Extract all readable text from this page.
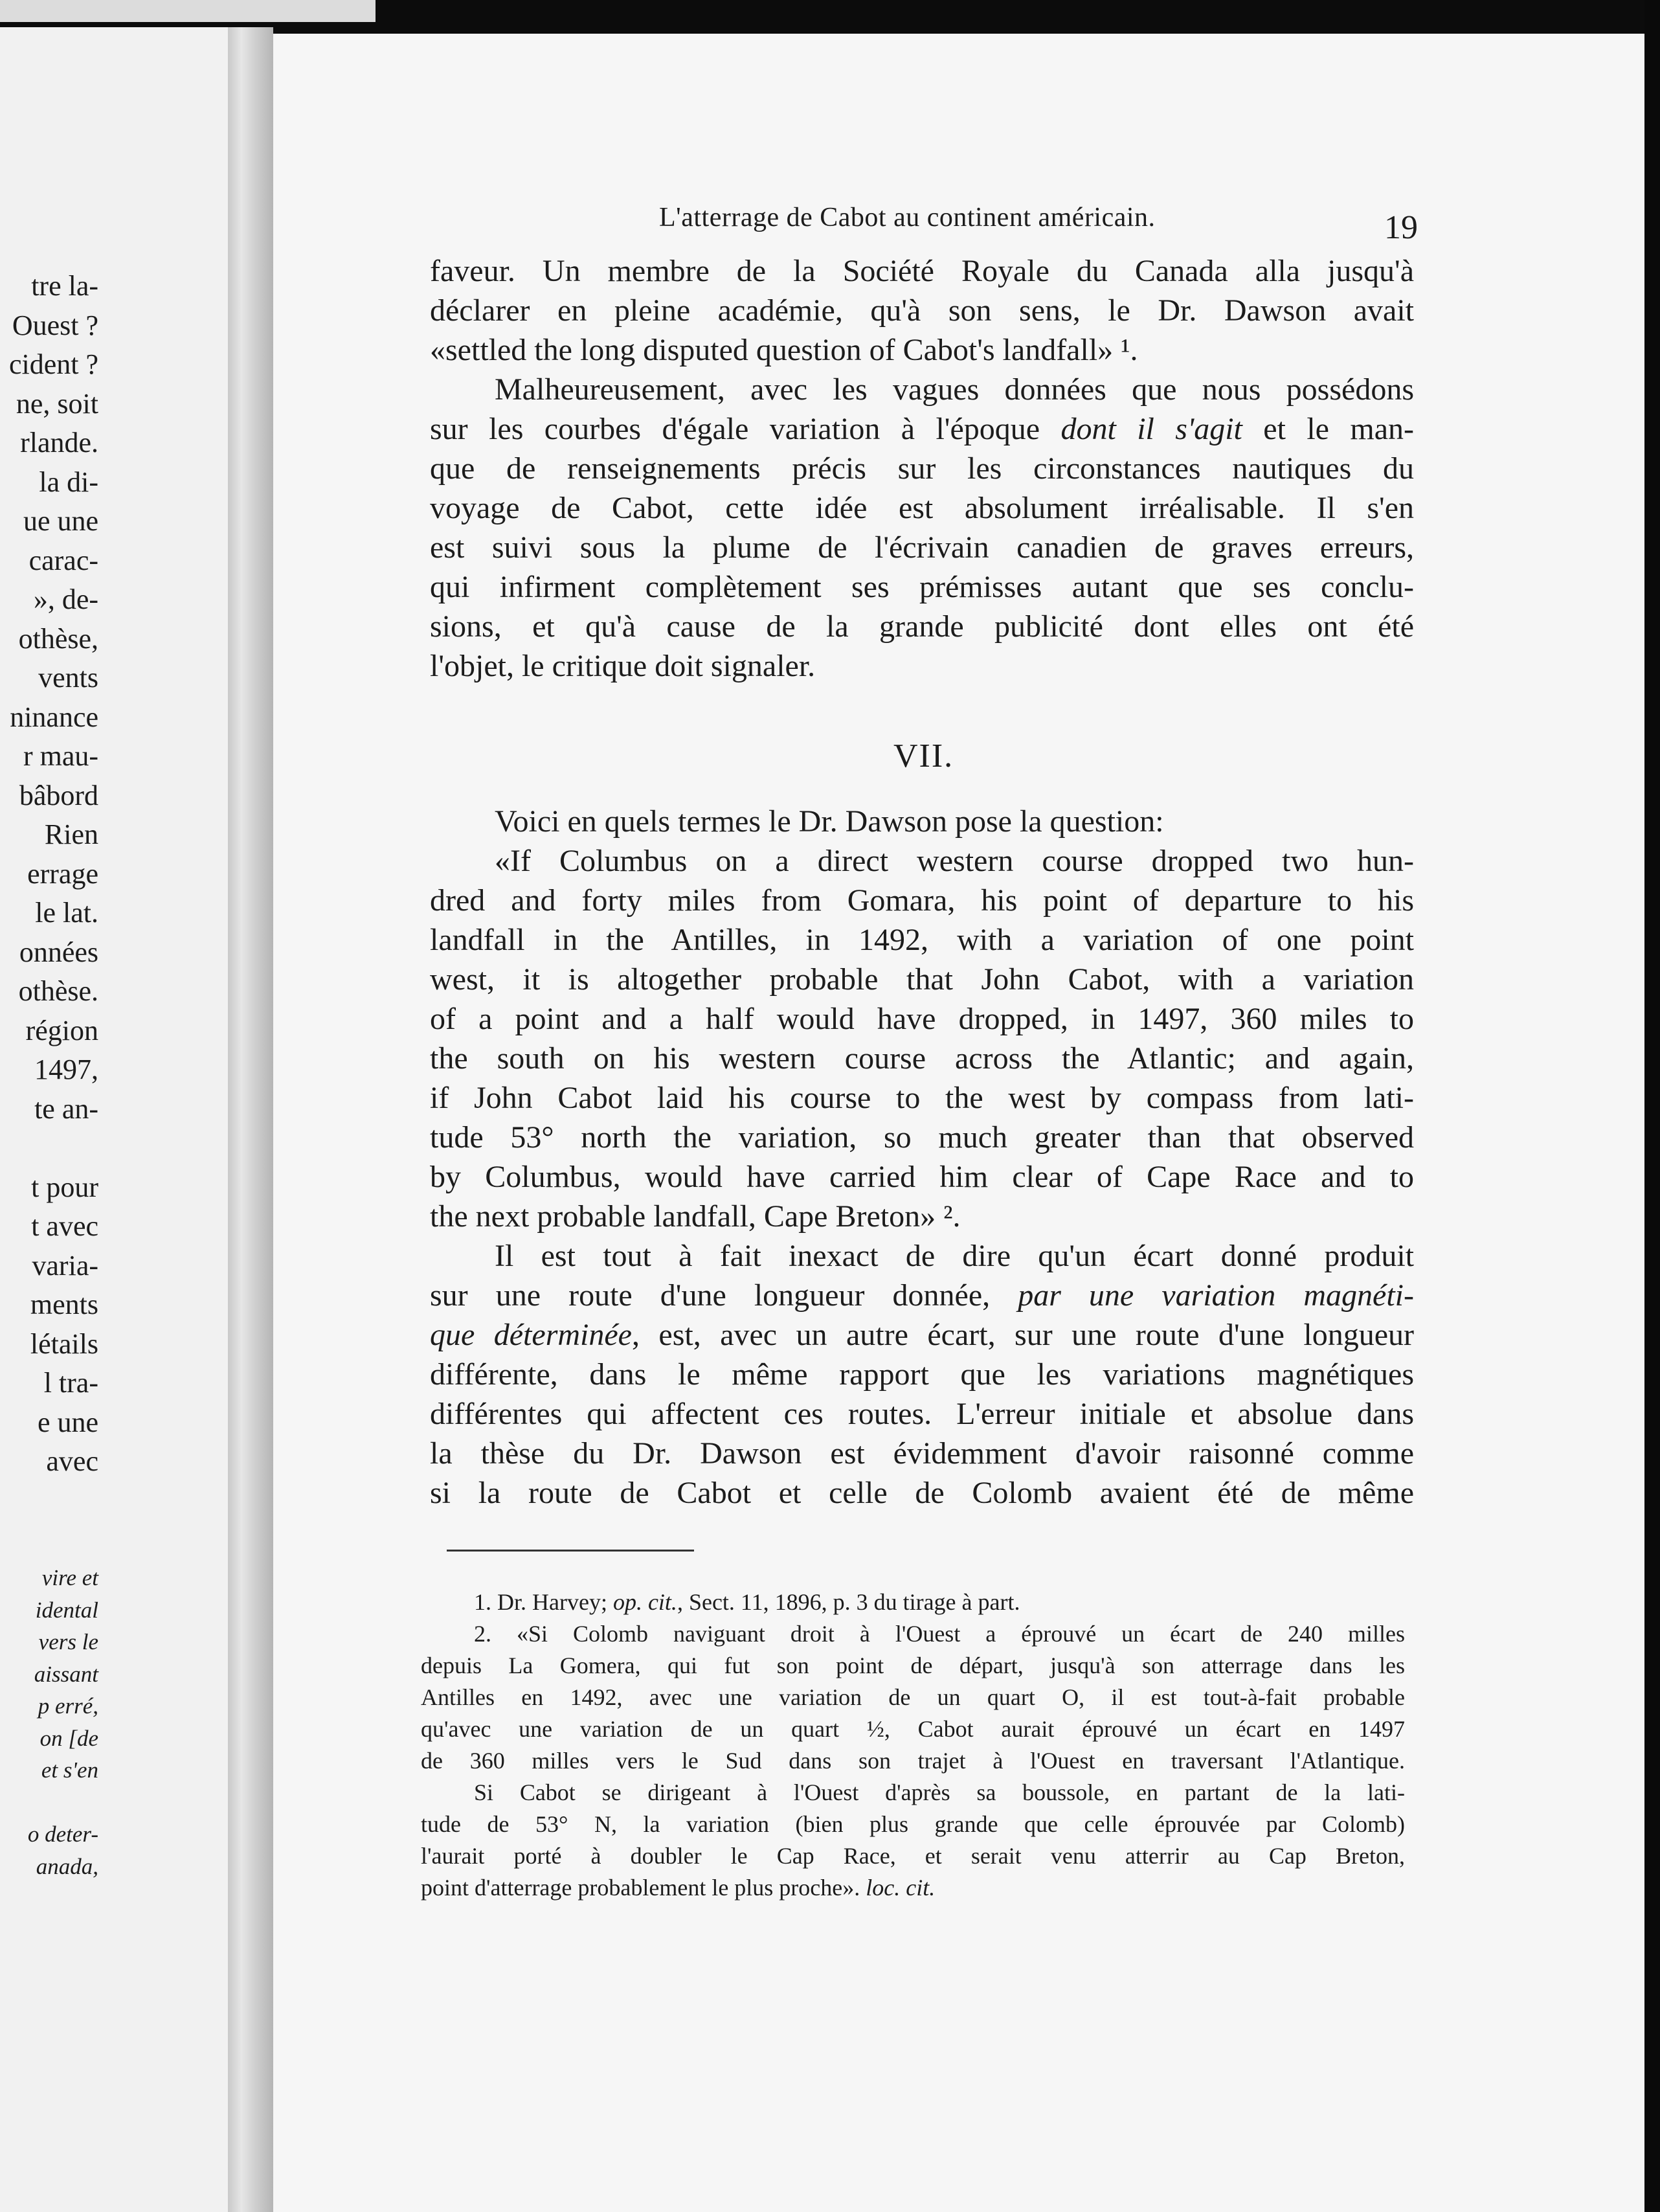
tre la-
Ouest ?
cident ?
ne, soit
rlande.
la di-
ue une
carac-
», de-
othèse,
vents
ninance
r mau-
bâbord
Rien
errage
le lat.
onnées
othèse.
région
1497,
te an-
t pour
t avec
varia-
ments
létails
l tra-
e une
avec
vire et
idental
vers le
aissant
p erré,
on [de
et s'en
o deter-
anada,
L'atterrage de Cabot au continent américain.	19
faveur. Un membre de la Société Royale du Canada alla jusqu'à
déclarer en pleine académie, qu'à son sens, le Dr. Dawson avait
«settled the long disputed question of Cabot's landfall» ¹.
Malheureusement, avec les vagues données que nous possédons
sur les courbes d'égale variation à l'époque dont il s'agit et le man-
que de renseignements précis sur les circonstances nautiques du
voyage de Cabot, cette idée est absolument irréalisable. Il s'en
est suivi sous la plume de l'écrivain canadien de graves erreurs,
qui infirment complètement ses prémisses autant que ses conclu-
sions, et qu'à cause de la grande publicité dont elles ont été
l'objet, le critique doit signaler.
VII.
Voici en quels termes le Dr. Dawson pose la question:
«If Columbus on a direct western course dropped two hun-
dred and forty miles from Gomara, his point of departure to his
landfall in the Antilles, in 1492, with a variation of one point
west, it is altogether probable that John Cabot, with a variation
of a point and a half would have dropped, in 1497, 360 miles to
the south on his western course across the Atlantic; and again,
if John Cabot laid his course to the west by compass from lati-
tude 53° north the variation, so much greater than that observed
by Columbus, would have carried him clear of Cape Race and to
the next probable landfall, Cape Breton» ².
Il est tout à fait inexact de dire qu'un écart donné produit
sur une route d'une longueur donnée, par une variation magnéti-
que déterminée, est, avec un autre écart, sur une route d'une longueur
différente, dans le même rapport que les variations magnétiques
différentes qui affectent ces routes. L'erreur initiale et absolue dans
la thèse du Dr. Dawson est évidemment d'avoir raisonné comme
si la route de Cabot et celle de Colomb avaient été de même
1. Dr. Harvey; op. cit., Sect. 11, 1896, p. 3 du tirage à part.
2. «Si Colomb naviguant droit à l'Ouest a éprouvé un écart de 240 milles
depuis La Gomera, qui fut son point de départ, jusqu'à son atterrage dans les
Antilles en 1492, avec une variation de un quart O, il est tout-à-fait probable
qu'avec une variation de un quart ½, Cabot aurait éprouvé un écart en 1497
de 360 milles vers le Sud dans son trajet à l'Ouest en traversant l'Atlantique.
Si Cabot se dirigeant à l'Ouest d'après sa boussole, en partant de la lati-
tude de 53° N, la variation (bien plus grande que celle éprouvée par Colomb)
l'aurait porté à doubler le Cap Race, et serait venu atterrir au Cap Breton,
point d'atterrage probablement le plus proche». loc. cit.
